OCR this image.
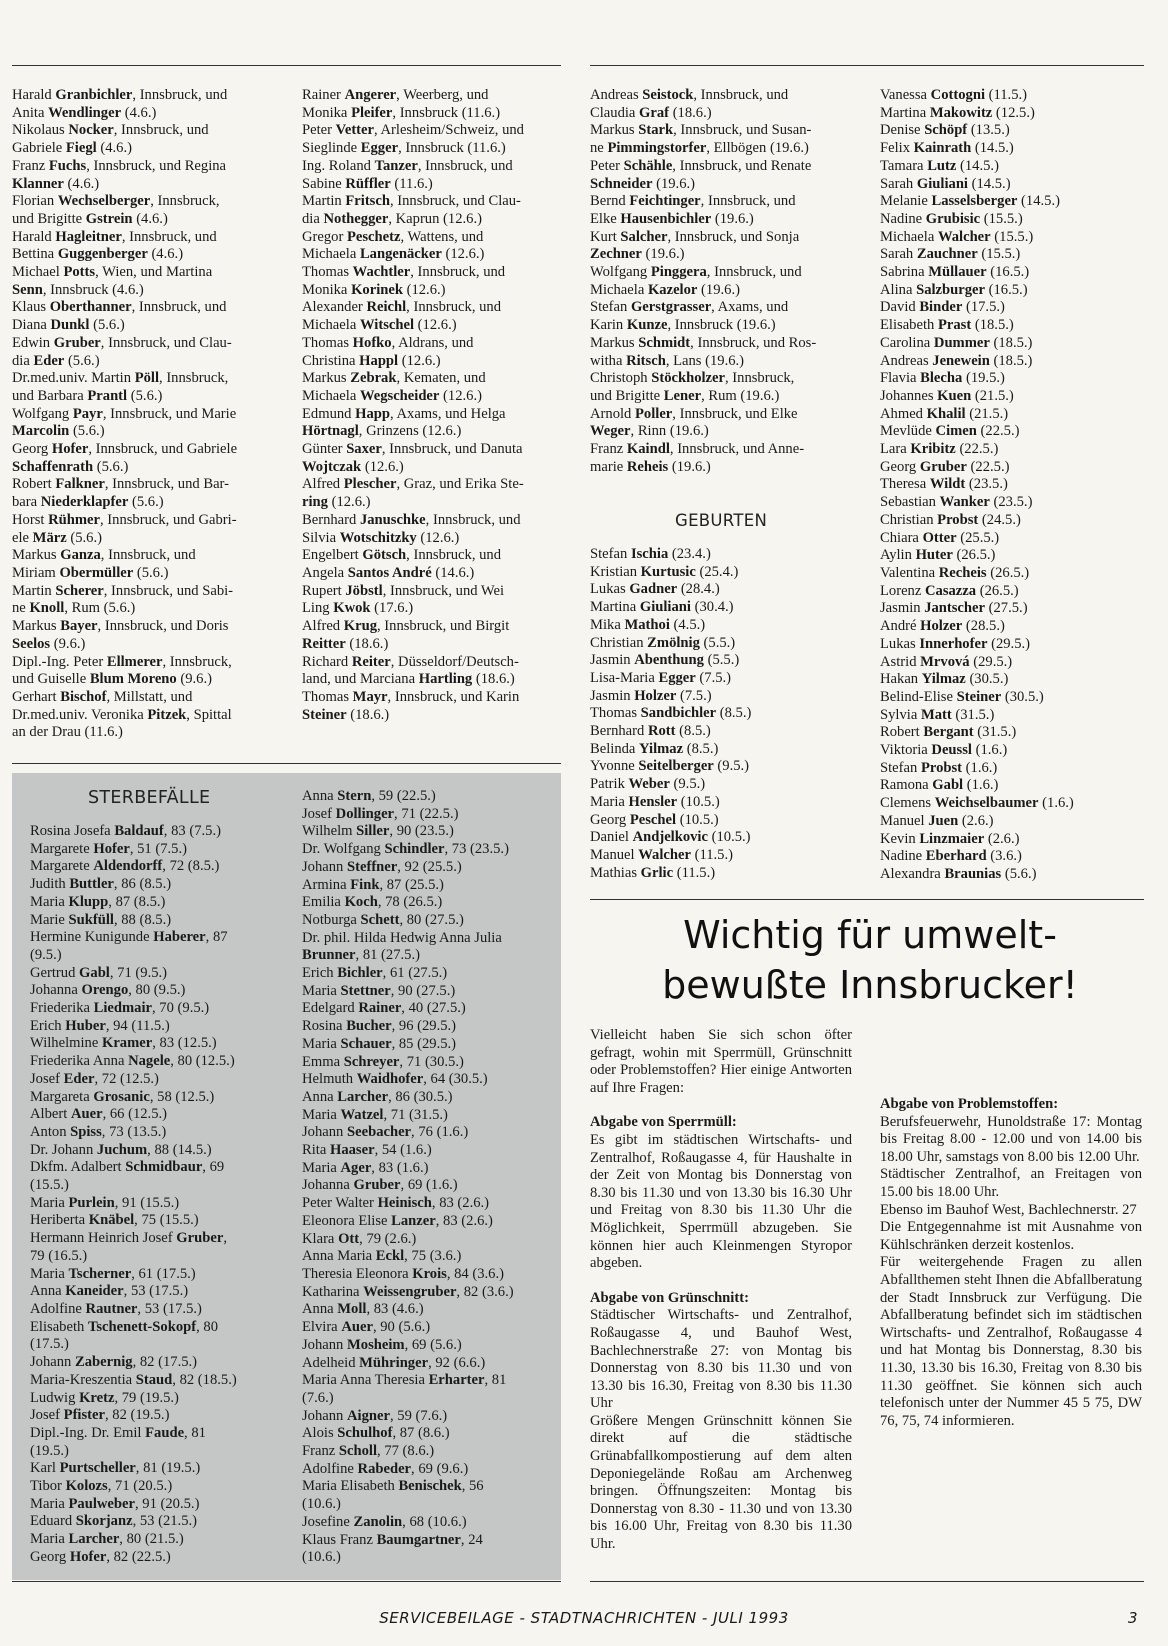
Harald Granbichler, Innsbruck, und
Anita Wendlinger (4.6.)
Nikolaus Nocker, Innsbruck, und
Gabriele Fiegl (4.6.)
Franz Fuchs, Innsbruck, und Regina
Klanner (4.6.)
Florian Wechselberger, Innsbruck,
und Brigitte Gstrein (4.6.)
Harald Hagleitner, Innsbruck, und
Bettina Guggenberger (4.6.)
Michael Potts, Wien, und Martina
Senn, Innsbruck (4.6.)
Klaus Oberthanner, Innsbruck, und
Diana Dunkl (5.6.)
Edwin Gruber, Innsbruck, und Clau-
dia Eder (5.6.)
Dr.med.univ. Martin Pöll, Innsbruck,
und Barbara Prantl (5.6.)
Wolfgang Payr, Innsbruck, und Marie
Marcolin (5.6.)
Georg Hofer, Innsbruck, und Gabriele
Schaffenrath (5.6.)
Robert Falkner, Innsbruck, und Bar-
bara Niederklapfer (5.6.)
Horst Rühmer, Innsbruck, und Gabri-
ele März (5.6.)
Markus Ganza, Innsbruck, und
Miriam Obermüller (5.6.)
Martin Scherer, Innsbruck, und Sabi-
ne Knoll, Rum (5.6.)
Markus Bayer, Innsbruck, und Doris
Seelos (9.6.)
Dipl.-Ing. Peter Ellmerer, Innsbruck,
und Guiselle Blum Moreno (9.6.)
Gerhart Bischof, Millstatt, und
Dr.med.univ. Veronika Pitzek, Spittal
an der Drau (11.6.)
Rainer Angerer, Weerberg, und
Monika Pleifer, Innsbruck (11.6.)
Peter Vetter, Arlesheim/Schweiz, und
Sieglinde Egger, Innsbruck (11.6.)
Ing. Roland Tanzer, Innsbruck, und
Sabine Rüffler (11.6.)
Martin Fritsch, Innsbruck, und Clau-
dia Nothegger, Kaprun (12.6.)
Gregor Peschetz, Wattens, und
Michaela Langenäcker (12.6.)
Thomas Wachtler, Innsbruck, und
Monika Korinek (12.6.)
Alexander Reichl, Innsbruck, und
Michaela Witschel (12.6.)
Thomas Hofko, Aldrans, und
Christina Happl (12.6.)
Markus Zebrak, Kematen, und
Michaela Wegscheider (12.6.)
Edmund Happ, Axams, und Helga
Hörtnagl, Grinzens (12.6.)
Günter Saxer, Innsbruck, und Danuta
Wojtczak (12.6.)
Alfred Plescher, Graz, und Erika Ste-
ring (12.6.)
Bernhard Januschke, Innsbruck, und
Silvia Wotschitzky (12.6.)
Engelbert Götsch, Innsbruck, und
Angela Santos André (14.6.)
Rupert Jöbstl, Innsbruck, und Wei
Ling Kwok (17.6.)
Alfred Krug, Innsbruck, und Birgit
Reitter (18.6.)
Richard Reiter, Düsseldorf/Deutsch-
land, und Marciana Hartling (18.6.)
Thomas Mayr, Innsbruck, und Karin
Steiner (18.6.)
Andreas Seistock, Innsbruck, und
Claudia Graf (18.6.)
Markus Stark, Innsbruck, und Susan-
ne Pimmingstorfer, Ellbögen (19.6.)
Peter Schähle, Innsbruck, und Renate
Schneider (19.6.)
Bernd Feichtinger, Innsbruck, und
Elke Hausenbichler (19.6.)
Kurt Salcher, Innsbruck, und Sonja
Zechner (19.6.)
Wolfgang Pinggera, Innsbruck, und
Michaela Kazelor (19.6.)
Stefan Gerstgrasser, Axams, und
Karin Kunze, Innsbruck (19.6.)
Markus Schmidt, Innsbruck, und Ros-
witha Ritsch, Lans (19.6.)
Christoph Stöckholzer, Innsbruck,
und Brigitte Lener, Rum (19.6.)
Arnold Poller, Innsbruck, und Elke
Weger, Rinn (19.6.)
Franz Kaindl, Innsbruck, und Anne-
marie Reheis (19.6.)
GEBURTEN
Stefan Ischia (23.4.)
Kristian Kurtusic (25.4.)
Lukas Gadner (28.4.)
Martina Giuliani (30.4.)
Mika Mathoi (4.5.)
Christian Zmölnig (5.5.)
Jasmin Abenthung (5.5.)
Lisa-Maria Egger (7.5.)
Jasmin Holzer (7.5.)
Thomas Sandbichler (8.5.)
Bernhard Rott (8.5.)
Belinda Yilmaz (8.5.)
Yvonne Seitelberger (9.5.)
Patrik Weber (9.5.)
Maria Hensler (10.5.)
Georg Peschel (10.5.)
Daniel Andjelkovic (10.5.)
Manuel Walcher (11.5.)
Mathias Grlic (11.5.)
Vanessa Cottogni (11.5.)
Martina Makowitz (12.5.)
Denise Schöpf (13.5.)
Felix Kainrath (14.5.)
Tamara Lutz (14.5.)
Sarah Giuliani (14.5.)
Melanie Lasselsberger (14.5.)
Nadine Grubisic (15.5.)
Michaela Walcher (15.5.)
Sarah Zauchner (15.5.)
Sabrina Müllauer (16.5.)
Alina Salzburger (16.5.)
David Binder (17.5.)
Elisabeth Prast (18.5.)
Carolina Dummer (18.5.)
Andreas Jenewein (18.5.)
Flavia Blecha (19.5.)
Johannes Kuen (21.5.)
Ahmed Khalil (21.5.)
Mevlüde Cimen (22.5.)
Lara Kribitz (22.5.)
Georg Gruber (22.5.)
Theresa Wildt (23.5.)
Sebastian Wanker (23.5.)
Christian Probst (24.5.)
Chiara Otter (25.5.)
Aylin Huter (26.5.)
Valentina Recheis (26.5.)
Lorenz Casazza (26.5.)
Jasmin Jantscher (27.5.)
André Holzer (28.5.)
Lukas Innerhofer (29.5.)
Astrid Mrvová (29.5.)
Hakan Yilmaz (30.5.)
Belind-Elise Steiner (30.5.)
Sylvia Matt (31.5.)
Robert Bergant (31.5.)
Viktoria Deussl (1.6.)
Stefan Probst (1.6.)
Ramona Gabl (1.6.)
Clemens Weichselbaumer (1.6.)
Manuel Juen (2.6.)
Kevin Linzmaier (2.6.)
Nadine Eberhard (3.6.)
Alexandra Braunias (5.6.)
STERBEFÄLLE
Rosina Josefa Baldauf, 83 (7.5.)
Margarete Hofer, 51 (7.5.)
Margarete Aldendorff, 72 (8.5.)
Judith Buttler, 86 (8.5.)
Maria Klupp, 87 (8.5.)
Marie Sukfüll, 88 (8.5.)
Hermine Kunigunde Haberer, 87
(9.5.)
Gertrud Gabl, 71 (9.5.)
Johanna Orengo, 80 (9.5.)
Friederika Liedmair, 70 (9.5.)
Erich Huber, 94 (11.5.)
Wilhelmine Kramer, 83 (12.5.)
Friederika Anna Nagele, 80 (12.5.)
Josef Eder, 72 (12.5.)
Margareta Grosanic, 58 (12.5.)
Albert Auer, 66 (12.5.)
Anton Spiss, 73 (13.5.)
Dr. Johann Juchum, 88 (14.5.)
Dkfm. Adalbert Schmidbaur, 69
(15.5.)
Maria Purlein, 91 (15.5.)
Heriberta Knäbel, 75 (15.5.)
Hermann Heinrich Josef Gruber,
79 (16.5.)
Maria Tscherner, 61 (17.5.)
Anna Kaneider, 53 (17.5.)
Adolfine Rautner, 53 (17.5.)
Elisabeth Tschenett-Sokopf, 80
(17.5.)
Johann Zabernig, 82 (17.5.)
Maria-Kreszentia Staud, 82 (18.5.)
Ludwig Kretz, 79 (19.5.)
Josef Pfister, 82 (19.5.)
Dipl.-Ing. Dr. Emil Faude, 81
(19.5.)
Karl Purtscheller, 81 (19.5.)
Tibor Kolozs, 71 (20.5.)
Maria Paulweber, 91 (20.5.)
Eduard Skorjanz, 53 (21.5.)
Maria Larcher, 80 (21.5.)
Georg Hofer, 82 (22.5.)
Anna Stern, 59 (22.5.)
Josef Dollinger, 71 (22.5.)
Wilhelm Siller, 90 (23.5.)
Dr. Wolfgang Schindler, 73 (23.5.)
Johann Steffner, 92 (25.5.)
Armina Fink, 87 (25.5.)
Emilia Koch, 78 (26.5.)
Notburga Schett, 80 (27.5.)
Dr. phil. Hilda Hedwig Anna Julia
Brunner, 81 (27.5.)
Erich Bichler, 61 (27.5.)
Maria Stettner, 90 (27.5.)
Edelgard Rainer, 40 (27.5.)
Rosina Bucher, 96 (29.5.)
Maria Schauer, 85 (29.5.)
Emma Schreyer, 71 (30.5.)
Helmuth Waidhofer, 64 (30.5.)
Anna Larcher, 86 (30.5.)
Maria Watzel, 71 (31.5.)
Johann Seebacher, 76 (1.6.)
Rita Haaser, 54 (1.6.)
Maria Ager, 83 (1.6.)
Johanna Gruber, 69 (1.6.)
Peter Walter Heinisch, 83 (2.6.)
Eleonora Elise Lanzer, 83 (2.6.)
Klara Ott, 79 (2.6.)
Anna Maria Eckl, 75 (3.6.)
Theresia Eleonora Krois, 84 (3.6.)
Katharina Weissengruber, 82 (3.6.)
Anna Moll, 83 (4.6.)
Elvira Auer, 90 (5.6.)
Johann Mosheim, 69 (5.6.)
Adelheid Mühringer, 92 (6.6.)
Maria Anna Theresia Erharter, 81
(7.6.)
Johann Aigner, 59 (7.6.)
Alois Schulhof, 87 (8.6.)
Franz Scholl, 77 (8.6.)
Adolfine Rabeder, 69 (9.6.)
Maria Elisabeth Benischek, 56
(10.6.)
Josefine Zanolin, 68 (10.6.)
Klaus Franz Baumgartner, 24
(10.6.)
Wichtig für umwelt-
bewußte Innsbrucker!

Vielleicht haben Sie sich schon öfter gefragt, wohin mit Sperrmüll, Grünschnitt oder Problemstoffen? Hier einige Antworten auf Ihre Fragen:

Abgabe von Sperrmüll:

Es gibt im städtischen Wirtschafts- und Zentralhof, Roßaugasse 4, für Haushalte in der Zeit von Montag bis Donnerstag von 8.30 bis 11.30 und von 13.30 bis 16.30 Uhr und Freitag von 8.30 bis 11.30 Uhr die Möglichkeit, Sperrmüll abzugeben. Sie können hier auch Kleinmengen Styropor abgeben.

Abgabe von Grünschnitt:

Städtischer Wirtschafts- und Zentralhof, Roßaugasse 4, und Bauhof West, Bachlechnerstraße 27: von Montag bis Donnerstag von 8.30 bis 11.30 und von 13.30 bis 16.30, Freitag von 8.30 bis 11.30 Uhr

Größere Mengen Grünschnitt können Sie direkt auf die städtische Grünabfallkompostierung auf dem alten Deponiegelände Roßau am Archenweg bringen. Öffnungszeiten: Montag bis Donnerstag von 8.30 - 11.30 und von 13.30 bis 16.00 Uhr, Freitag von 8.30 bis 11.30 Uhr.

Abgabe von Problemstoffen:

Berufsfeuerwehr, Hunoldstraße 17: Montag bis Freitag 8.00 - 12.00 und von 14.00 bis 18.00 Uhr, samstags von 8.00 bis 12.00 Uhr.

Städtischer Zentralhof, an Freitagen von 15.00 bis 18.00 Uhr.

Ebenso im Bauhof West, Bachlechnerstr. 27

Die Entgegennahme ist mit Ausnahme von Kühlschränken derzeit kostenlos.

Für weitergehende Fragen zu allen Abfallthemen steht Ihnen die Abfallberatung der Stadt Innsbruck zur Verfügung. Die Abfallberatung befindet sich im städtischen Wirtschafts- und Zentralhof, Roßaugasse 4 und hat Montag bis Donnerstag, 8.30 bis 11.30, 13.30 bis 16.30, Freitag von 8.30 bis 11.30 geöffnet. Sie können sich auch telefonisch unter der Nummer 45 5 75, DW 76, 75, 74 informieren.

SERVICEBEILAGE - STADTNACHRICHTEN - JULI 1993	3
